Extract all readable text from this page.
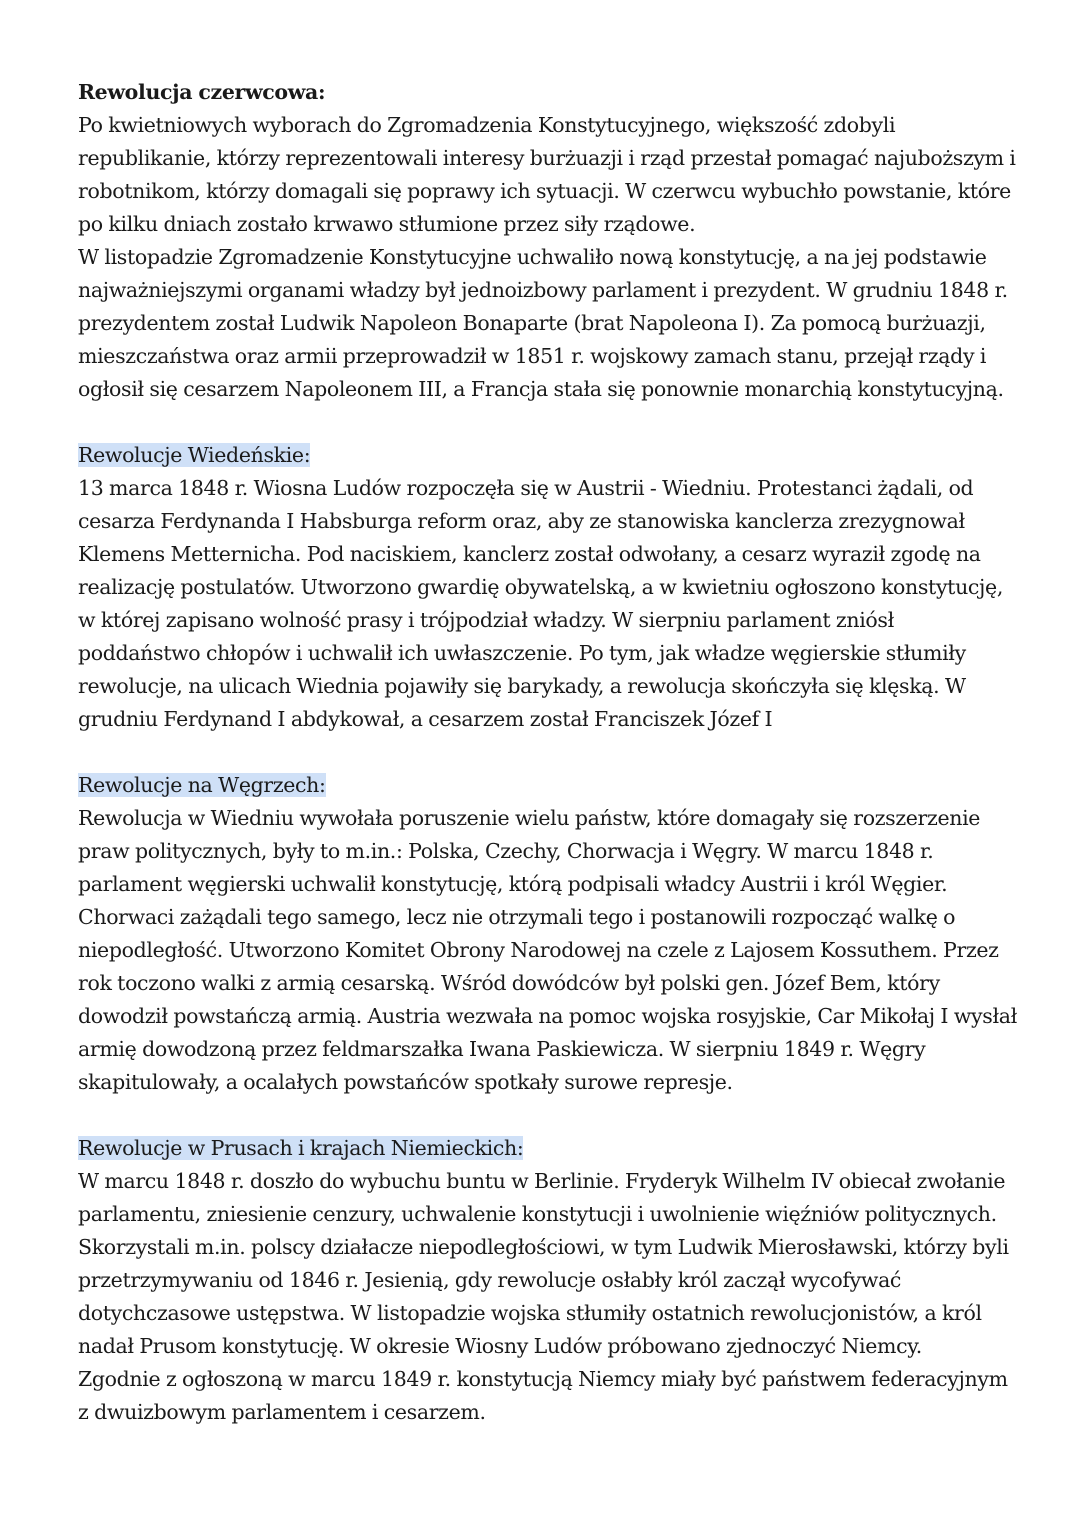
Rewolucja czerwcowa:
Po kwietniowych wyborach do Zgromadzenia Konstytucyjnego, większość zdobyli
republikanie, którzy reprezentowali interesy burżuazji i rząd przestał pomagać najuboższym i
robotnikom, którzy domagali się poprawy ich sytuacji. W czerwcu wybuchło powstanie, które
po kilku dniach zostało krwawo stłumione przez siły rządowe.
W listopadzie Zgromadzenie Konstytucyjne uchwaliło nową konstytucję, a na jej podstawie
najważniejszymi organami władzy był jednoizbowy parlament i prezydent. W grudniu 1848 r.
prezydentem został Ludwik Napoleon Bonaparte (brat Napoleona I). Za pomocą burżuazji,
mieszczaństwa oraz armii przeprowadził w 1851 r. wojskowy zamach stanu, przejął rządy i
ogłosił się cesarzem Napoleonem III, a Francja stała się ponownie monarchią konstytucyjną.
Rewolucje Wiedeńskie:
13 marca 1848 r. Wiosna Ludów rozpoczęła się w Austrii - Wiedniu. Protestanci żądali, od
cesarza Ferdynanda I Habsburga reform oraz, aby ze stanowiska kanclerza zrezygnował
Klemens Metternicha. Pod naciskiem, kanclerz został odwołany, a cesarz wyraził zgodę na
realizację postulatów. Utworzono gwardię obywatelską, a w kwietniu ogłoszono konstytucję,
w której zapisano wolność prasy i trójpodział władzy. W sierpniu parlament zniósł
poddaństwo chłopów i uchwalił ich uwłaszczenie. Po tym, jak władze węgierskie stłumiły
rewolucje, na ulicach Wiednia pojawiły się barykady, a rewolucja skończyła się klęską. W
grudniu Ferdynand I abdykował, a cesarzem został Franciszek Józef I
Rewolucje na Węgrzech:
Rewolucja w Wiedniu wywołała poruszenie wielu państw, które domagały się rozszerzenie
praw politycznych, były to m.in.: Polska, Czechy, Chorwacja i Węgry. W marcu 1848 r.
parlament węgierski uchwalił konstytucję, którą podpisali władcy Austrii i król Węgier.
Chorwaci zażądali tego samego, lecz nie otrzymali tego i postanowili rozpocząć walkę o
niepodległość. Utworzono Komitet Obrony Narodowej na czele z Lajosem Kossuthem. Przez
rok toczono walki z armią cesarską. Wśród dowódców był polski gen. Józef Bem, który
dowodził powstańczą armią. Austria wezwała na pomoc wojska rosyjskie, Car Mikołaj I wysłał
armię dowodzoną przez feldmarszałka Iwana Paskiewicza. W sierpniu 1849 r. Węgry
skapitulowały, a ocalałych powstańców spotkały surowe represje.
Rewolucje w Prusach i krajach Niemieckich:
W marcu 1848 r. doszło do wybuchu buntu w Berlinie. Fryderyk Wilhelm IV obiecał zwołanie
parlamentu, zniesienie cenzury, uchwalenie konstytucji i uwolnienie więźniów politycznych.
Skorzystali m.in. polscy działacze niepodległościowi, w tym Ludwik Mierosławski, którzy byli
przetrzymywaniu od 1846 r. Jesienią, gdy rewolucje osłabły król zaczął wycofywać
dotychczasowe ustępstwa. W listopadzie wojska stłumiły ostatnich rewolucjonistów, a król
nadał Prusom konstytucję. W okresie Wiosny Ludów próbowano zjednoczyć Niemcy.
Zgodnie z ogłoszoną w marcu 1849 r. konstytucją Niemcy miały być państwem federacyjnym
z dwuizbowym parlamentem i cesarzem.
